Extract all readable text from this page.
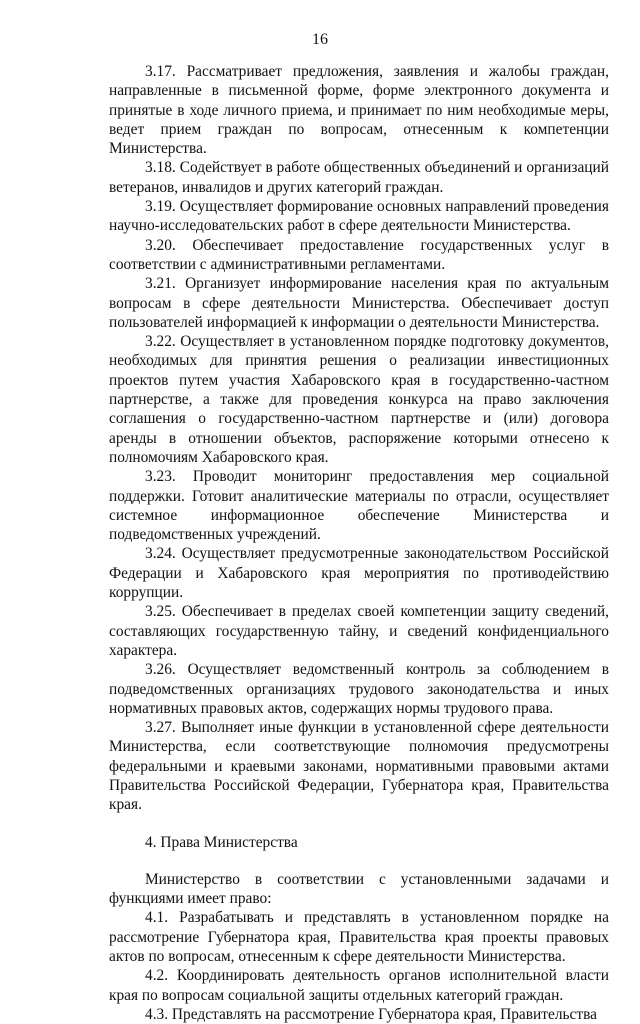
16

3.17. Рассматривает предложения, заявления и жалобы граждан, направленные в письменной форме, форме электронного документа и принятые в ходе личного приема, и принимает по ним необходимые меры, ведет прием граждан по вопросам, отнесенным к компетенции Министерства.

3.18. Содействует в работе общественных объединений и организаций ветеранов, инвалидов и других категорий граждан.

3.19. Осуществляет формирование основных направлений проведения научно-исследовательских работ в сфере деятельности Министерства.

3.20. Обеспечивает предоставление государственных услуг в соответствии с административными регламентами.

3.21. Организует информирование населения края по актуальным вопросам в сфере деятельности Министерства. Обеспечивает доступ пользователей информацией к информации о деятельности Министерства.

3.22. Осуществляет в установленном порядке подготовку документов, необходимых для принятия решения о реализации инвестиционных проектов путем участия Хабаровского края в государственно-частном партнерстве, а также для проведения конкурса на право заключения соглашения о государственно-частном партнерстве и (или) договора аренды в отношении объектов, распоряжение которыми отнесено к полномочиям Хабаровского края.

3.23. Проводит мониторинг предоставления мер социальной поддержки. Готовит аналитические материалы по отрасли, осуществляет системное информационное обеспечение Министерства и подведомственных учреждений.

3.24. Осуществляет предусмотренные законодательством Российской Федерации и Хабаровского края мероприятия по противодействию коррупции.

3.25. Обеспечивает в пределах своей компетенции защиту сведений, составляющих государственную тайну, и сведений конфиденциального характера.

3.26. Осуществляет ведомственный контроль за соблюдением в подведомственных организациях трудового законодательства и иных нормативных правовых актов, содержащих нормы трудового права.

3.27. Выполняет иные функции в установленной сфере деятельности Министерства, если соответствующие полномочия предусмотрены федеральными и краевыми законами, нормативными правовыми актами Правительства Российской Федерации, Губернатора края, Правительства края.

4. Права Министерства

Министерство в соответствии с установленными задачами и функциями имеет право:

4.1. Разрабатывать и представлять в установленном порядке на рассмотрение Губернатора края, Правительства края проекты правовых актов по вопросам, отнесенным к сфере деятельности Министерства.

4.2. Координировать деятельность органов исполнительной власти края по вопросам социальной защиты отдельных категорий граждан.

4.3. Представлять на рассмотрение Губернатора края, Правительства
